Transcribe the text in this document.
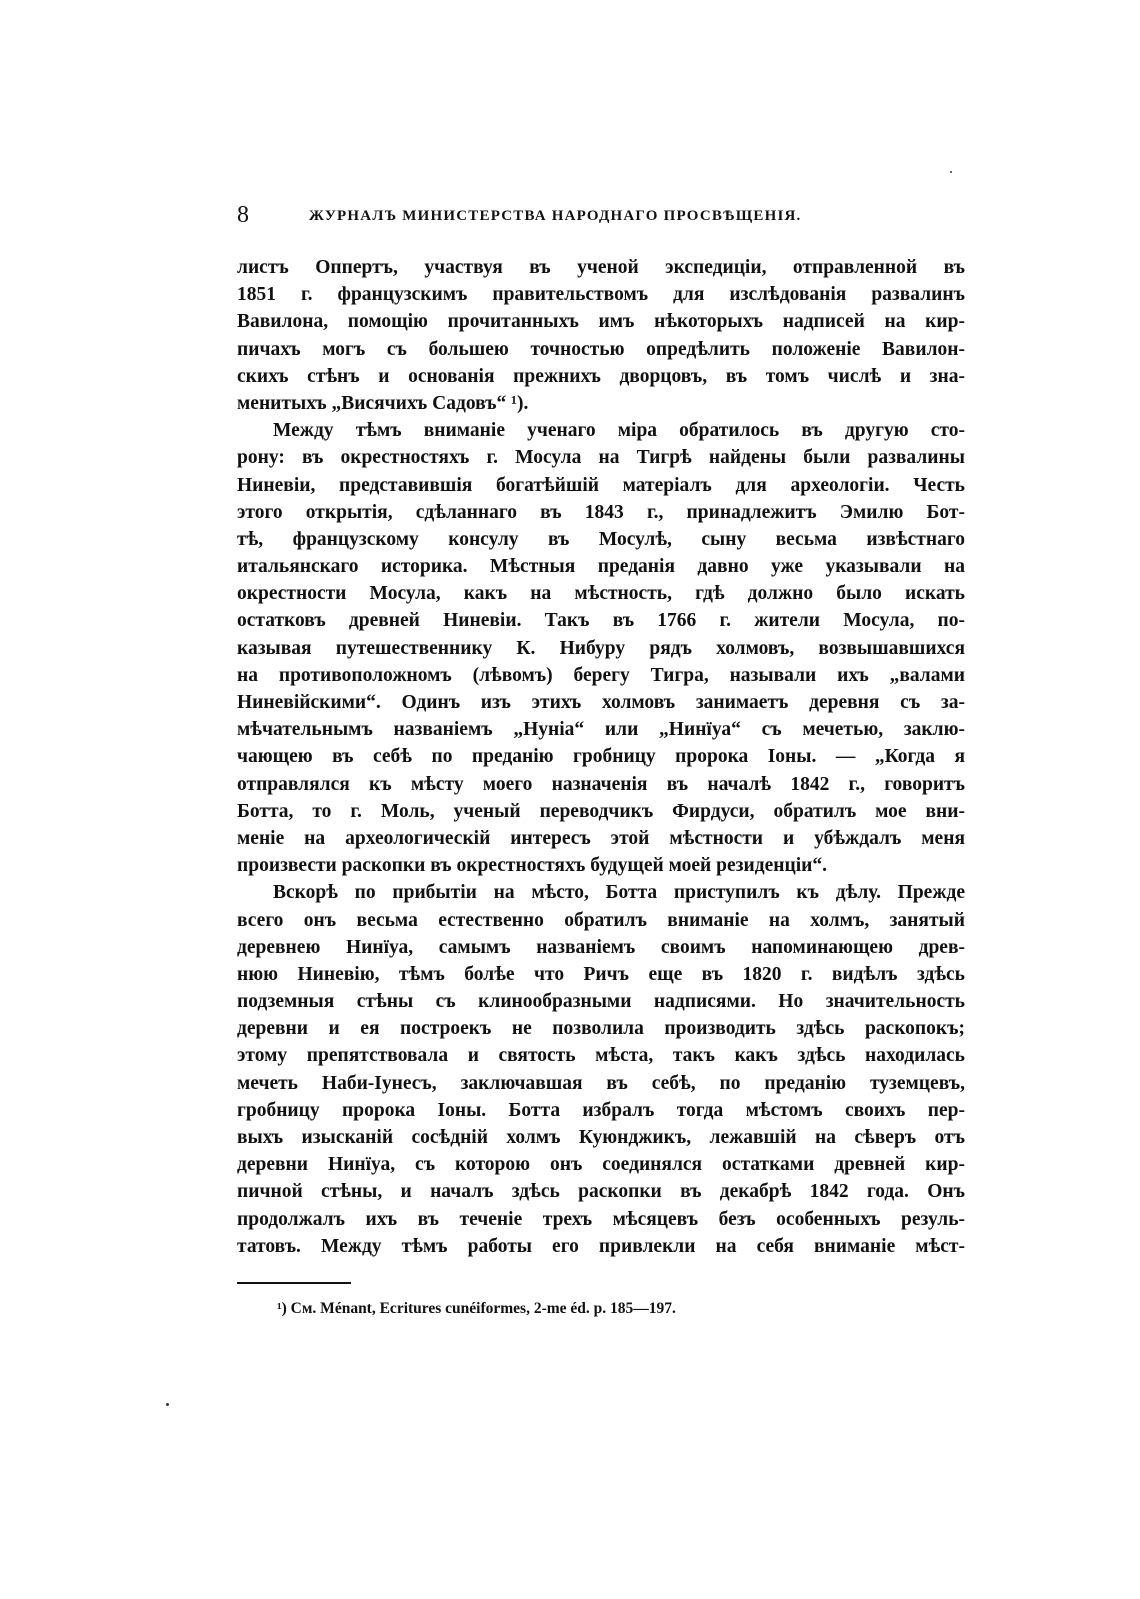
8	ЖУРНАЛЪ МИНИСТЕРСТВА НАРОДНАГО ПРОСВѢЩЕНІЯ.
листъ Оппертъ, участвуя въ ученой экспедиціи, отправленной въ
1851 г. французскимъ правительствомъ для изслѣдованія развалинъ
Вавилона, помощію прочитанныхъ имъ нѣкоторыхъ надписей на кир-
пичахъ могъ съ большею точностью опредѣлить положеніе Вавилон-
скихъ стѣнъ и основанія прежнихъ дворцовъ, въ томъ числѣ и зна-
менитыхъ „Висячихъ Садовъ“ ¹).
Между тѣмъ вниманіе ученаго міра обратилось въ другую сто-
рону: въ окрестностяхъ г. Мосула на Тигрѣ найдены были развалины
Ниневіи, представившія богатѣйшій матеріалъ для археологіи. Честь
этого открытія, сдѣланнаго въ 1843 г., принадлежитъ Эмилю Бот-
тѣ, французскому консулу въ Мосулѣ, сыну весьма извѣстнаго
итальянскаго историка. Мѣстныя преданія давно уже указывали на
окрестности Мосула, какъ на мѣстность, гдѣ должно было искать
остатковъ древней Ниневіи. Такъ въ 1766 г. жители Мосула, по-
казывая путешественнику К. Нибуру рядъ холмовъ, возвышавшихся
на противоположномъ (лѣвомъ) берегу Тигра, называли ихъ „валами
Ниневійскими“. Одинъ изъ этихъ холмовъ занимаетъ деревня съ за-
мѣчательнымъ названіемъ „Нуніа“ или „Нинїуа“ съ мечетью, заклю-
чающею въ себѣ по преданію гробницу пророка Іоны. — „Когда я
отправлялся къ мѣсту моего назначенія въ началѣ 1842 г., говоритъ
Ботта, то г. Моль, ученый переводчикъ Фирдуси, обратилъ мое вни-
меніе на археологическій интересъ этой мѣстности и убѣждалъ меня
произвести раскопки въ окрестностяхъ будущей моей резиденціи“.
Вскорѣ по прибытіи на мѣсто, Ботта приступилъ къ дѣлу. Прежде
всего онъ весьма естественно обратилъ вниманіе на холмъ, занятый
деревнею Нинїуа, самымъ названіемъ своимъ напоминающею древ-
нюю Ниневію, тѣмъ болѣе что Ричъ еще въ 1820 г. видѣлъ здѣсь
подземныя стѣны съ клинообразными надписями. Но значительность
деревни и ея построекъ не позволила производить здѣсь раскопокъ;
этому препятствовала и святость мѣста, такъ какъ здѣсь находилась
мечеть Наби-Іунесъ, заключавшая въ себѣ, по преданію туземцевъ,
гробницу пророка Іоны. Ботта избралъ тогда мѣстомъ своихъ пер-
выхъ изысканій сосѣдній холмъ Куюнджикъ, лежавшій на сѣверъ отъ
деревни Нинїуа, съ которою онъ соединялся остатками древней кир-
пичной стѣны, и началъ здѣсь раскопки въ декабрѣ 1842 года. Онъ
продолжалъ ихъ въ теченіе трехъ мѣсяцевъ безъ особенныхъ резуль-
татовъ. Между тѣмъ работы его привлекли на себя вниманіе мѣст-
¹) См. Ménant, Ecritures cunéiformes, 2-me éd. p. 185—197.
